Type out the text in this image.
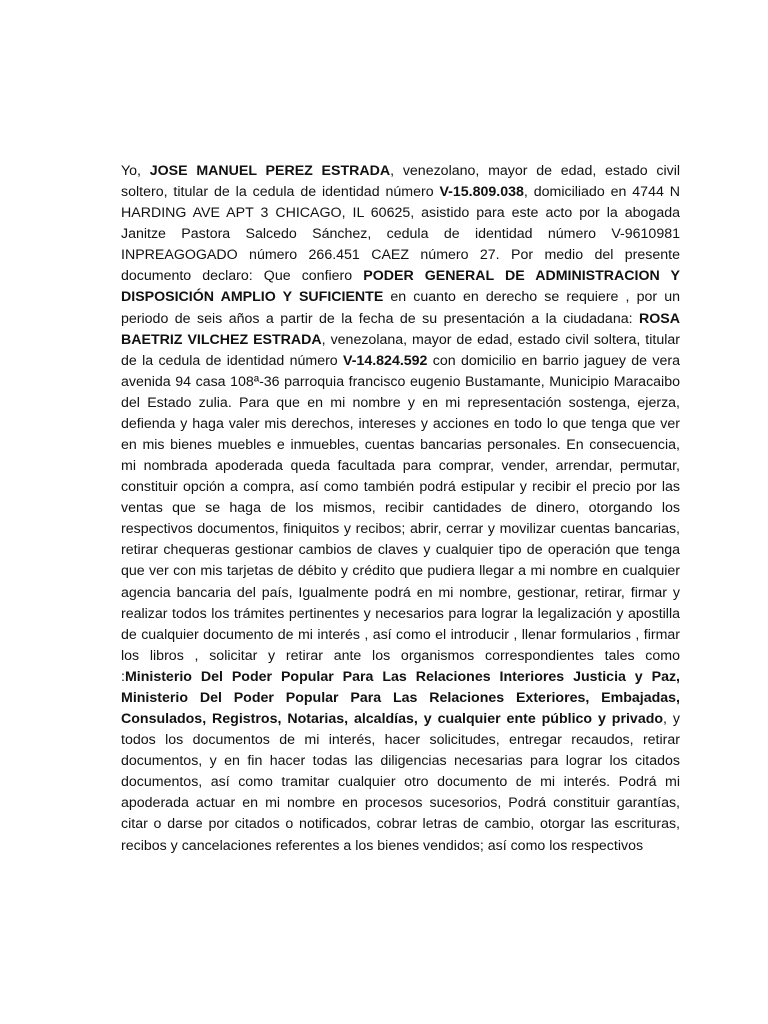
Yo, JOSE MANUEL PEREZ ESTRADA, venezolano, mayor de edad, estado civil soltero, titular de la cedula de identidad número V-15.809.038, domiciliado en 4744 N HARDING AVE APT 3 CHICAGO, IL 60625, asistido para este acto por la abogada Janitze Pastora Salcedo Sánchez, cedula de identidad número V-9610981 INPREAGOGADO número 266.451 CAEZ número 27. Por medio del presente documento declaro: Que confiero PODER GENERAL DE ADMINISTRACION Y DISPOSICIÓN AMPLIO Y SUFICIENTE en cuanto en derecho se requiere , por un periodo de seis años a partir de la fecha de su presentación a la ciudadana: ROSA BAETRIZ VILCHEZ ESTRADA, venezolana, mayor de edad, estado civil soltera, titular de la cedula de identidad número V-14.824.592 con domicilio en barrio jaguey de vera avenida 94 casa 108ª-36 parroquia francisco eugenio Bustamante, Municipio Maracaibo del Estado zulia. Para que en mi nombre y en mi representación sostenga, ejerza, defienda y haga valer mis derechos, intereses y acciones en todo lo que tenga que ver en mis bienes muebles e inmuebles, cuentas bancarias personales. En consecuencia, mi nombrada apoderada queda facultada para comprar, vender, arrendar, permutar, constituir opción a compra, así como también podrá estipular y recibir el precio por las ventas que se haga de los mismos, recibir cantidades de dinero, otorgando los respectivos documentos, finiquitos y recibos; abrir, cerrar y movilizar cuentas bancarias, retirar chequeras gestionar cambios de claves y cualquier tipo de operación que tenga que ver con mis tarjetas de débito y crédito que pudiera llegar a mi nombre en cualquier agencia bancaria del país, Igualmente podrá en mi nombre, gestionar, retirar, firmar y realizar todos los trámites pertinentes y necesarios para lograr la legalización y apostilla de cualquier documento de mi interés , así como el introducir , llenar formularios , firmar los libros , solicitar y retirar ante los organismos correspondientes tales como :Ministerio Del Poder Popular Para Las Relaciones Interiores Justicia y Paz, Ministerio Del Poder Popular Para Las Relaciones Exteriores, Embajadas, Consulados, Registros, Notarias, alcaldías, y cualquier ente público y privado, y todos los documentos de mi interés, hacer solicitudes, entregar recaudos, retirar documentos, y en fin hacer todas las diligencias necesarias para lograr los citados documentos, así como tramitar cualquier otro documento de mi interés. Podrá mi apoderada actuar en mi nombre en procesos sucesorios, Podrá constituir garantías, citar o darse por citados o notificados, cobrar letras de cambio, otorgar las escrituras, recibos y cancelaciones referentes a los bienes vendidos; así como los respectivos
